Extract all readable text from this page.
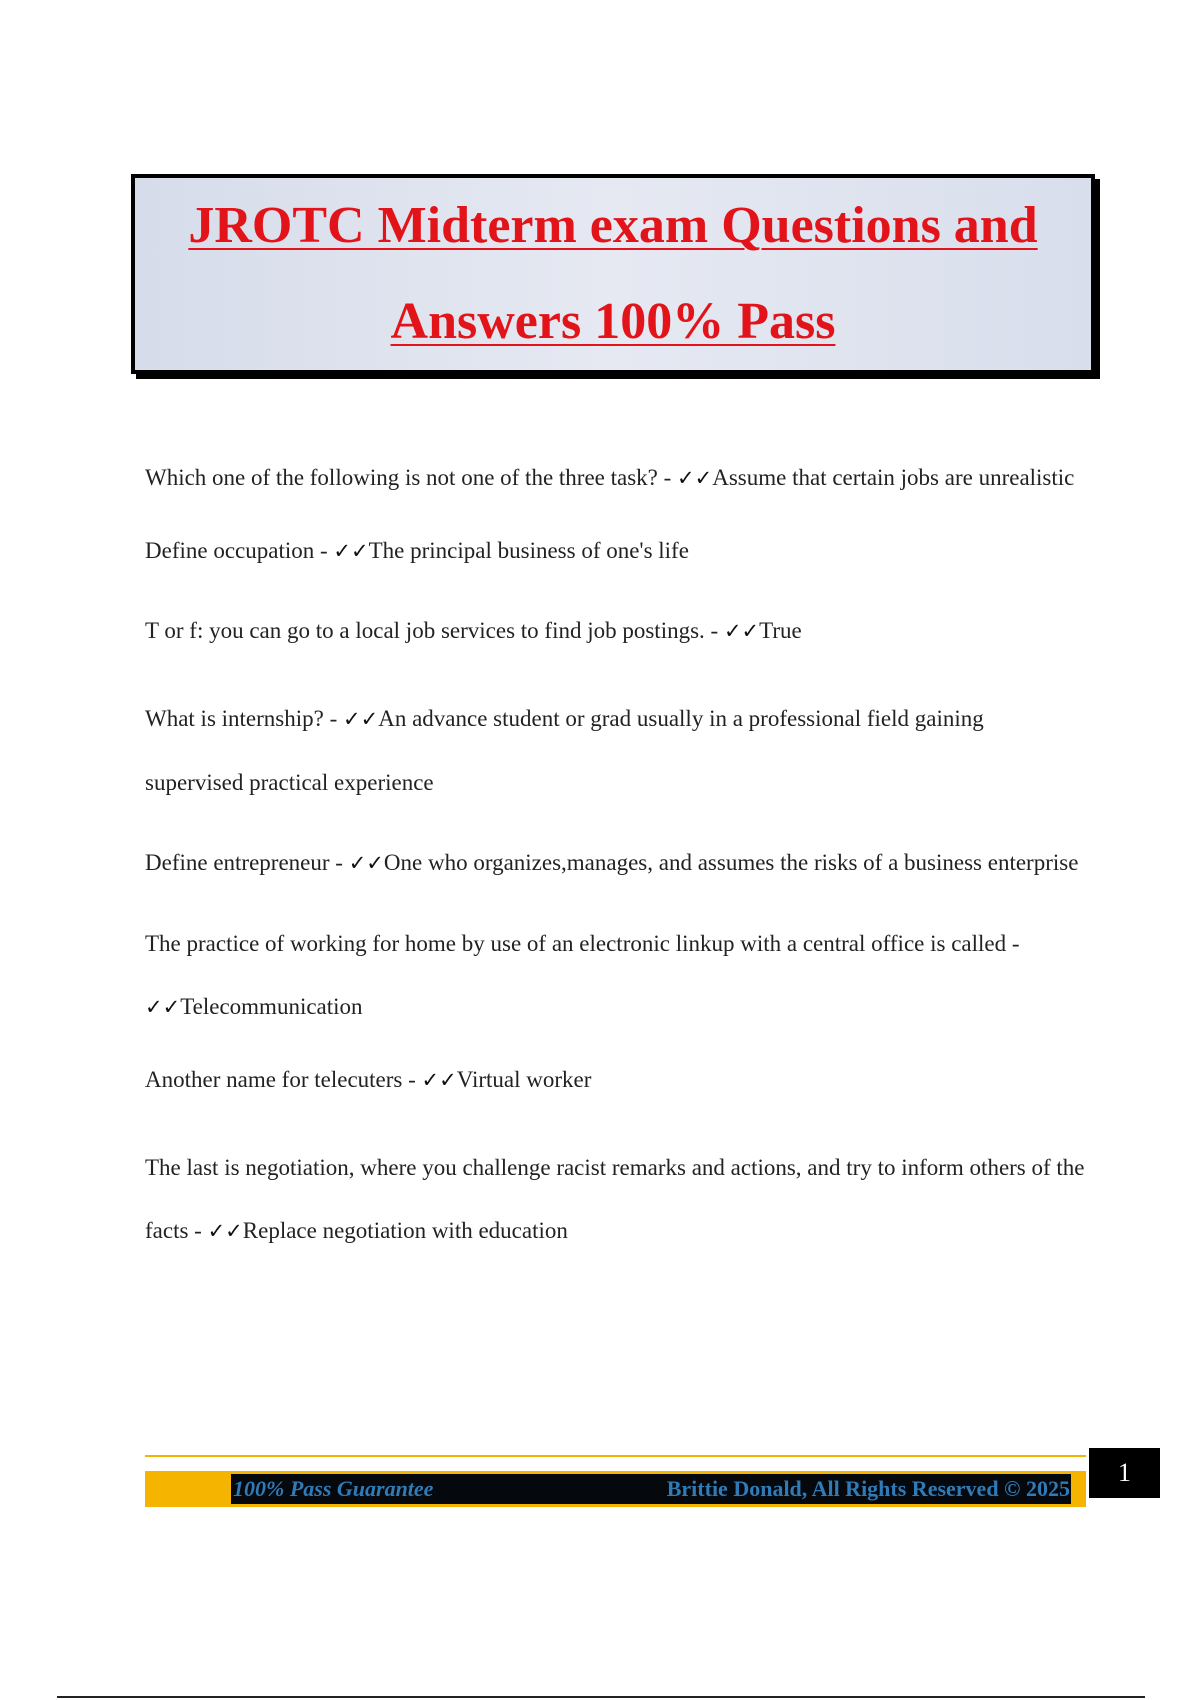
JROTC Midterm exam Questions and
Answers 100% Pass

Which one of the following is not one of the three task? - ✓✓Assume that certain jobs are unrealistic

Define occupation - ✓✓The principal business of one's life

T or f: you can go to a local job services to find job postings. - ✓✓True

What is internship? - ✓✓An advance student or grad usually in a professional field gaining supervised practical experience

Define entrepreneur - ✓✓One who organizes,manages, and assumes the risks of a business enterprise

The practice of working for home by use of an electronic linkup with a central office is called - ✓✓Telecommunication

Another name for telecuters - ✓✓Virtual worker

The last is negotiation, where you challenge racist remarks and actions, and try to inform others of the facts - ✓✓Replace negotiation with education

100% Pass Guarantee	Brittie Donald, All Rights Reserved © 2025
1
